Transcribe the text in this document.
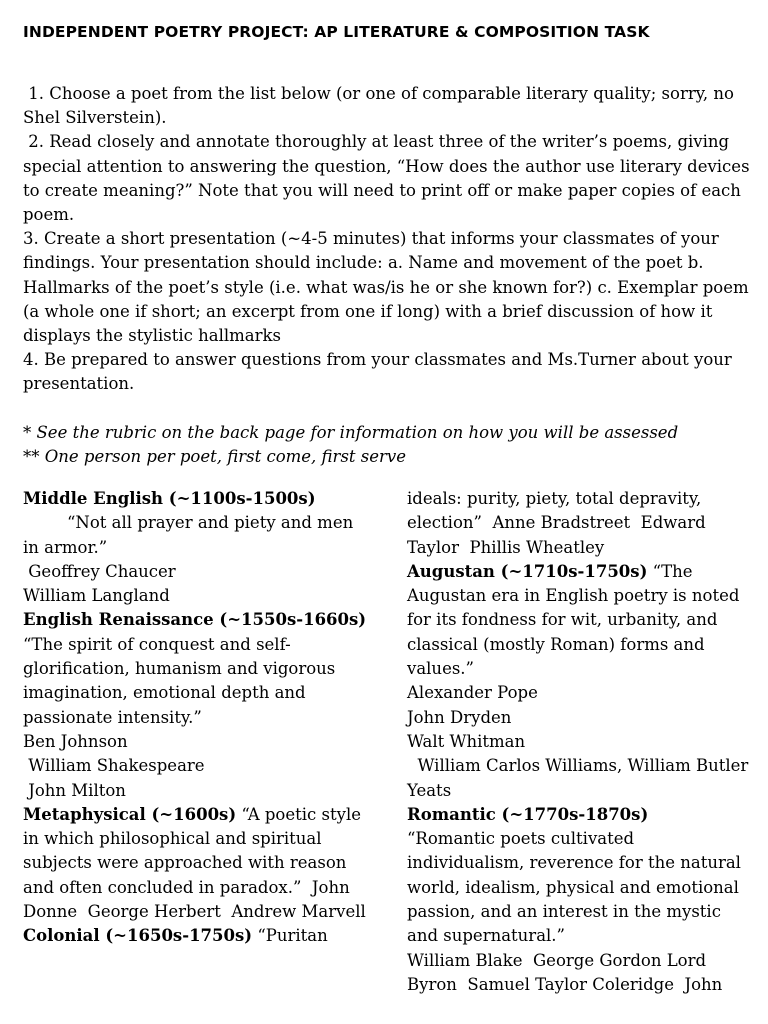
INDEPENDENT POETRY PROJECT: AP LITERATURE & COMPOSITION TASK

1. Choose a poet from the list below (or one of comparable literary quality; sorry, no Shel Silverstein).

2. Read closely and annotate thoroughly at least three of the writer’s poems, giving special attention to answering the question, “How does the author use literary devices to create meaning?” Note that you will need to print off or make paper copies of each poem.

3. Create a short presentation (~4-5 minutes) that informs your classmates of your findings. Your presentation should include: a. Name and movement of the poet b. Hallmarks of the poet’s style (i.e. what was/is he or she known for?) c. Exemplar poem (a whole one if short; an excerpt from one if long) with a brief discussion of how it displays the stylistic hallmarks

4. Be prepared to answer questions from your classmates and Ms.Turner about your presentation.

* See the rubric on the back page for information on how you will be assessed

** One person per poet, first come, first serve

Middle English (~1100s-1500s)

“Not all prayer and piety and men in armor.”

Geoffrey Chaucer

William Langland

English Renaissance (~1550s-1660s)

“The spirit of conquest and self-glorification, humanism and vigorous imagination, emotional depth and passionate intensity.”

Ben Johnson

William Shakespeare

John Milton

Metaphysical (~1600s) “A poetic style in which philosophical and spiritual subjects were approached with reason and often concluded in paradox.”  John Donne  George Herbert  Andrew Marvell

Colonial (~1650s-1750s) “Puritan

ideals: purity, piety, total depravity, election”  Anne Bradstreet  Edward Taylor  Phillis Wheatley

Augustan (~1710s-1750s) “The Augustan era in English poetry is noted for its fondness for wit, urbanity, and classical (mostly Roman) forms and values.”

Alexander Pope

John Dryden

Walt Whitman

William Carlos Williams, William Butler Yeats

Romantic (~1770s-1870s)

“Romantic poets cultivated individualism, reverence for the natural world, idealism, physical and emotional passion, and an interest in the mystic and supernatural.”

William Blake  George Gordon Lord Byron  Samuel Taylor Coleridge  John
